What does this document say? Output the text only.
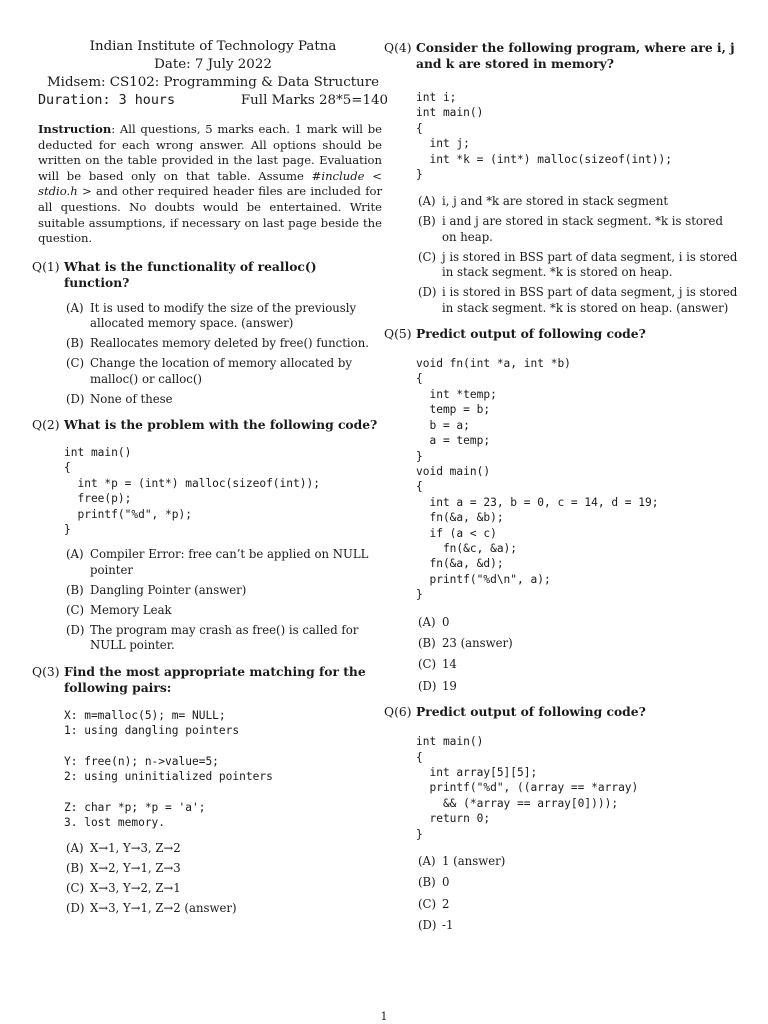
Indian Institute of Technology Patna
Date: 7 July 2022
Midsem: CS102: Programming & Data Structure
Duration: 3 hours	Full Marks 28*5=140
Instruction: All questions, 5 marks each. 1 mark will be deducted for each wrong answer. All options should be written on the table provided in the last page. Evaluation will be based only on that table. Assume #include < stdio.h > and other required header files are included for all questions. No doubts would be entertained. Write suitable assumptions, if necessary on last page beside the question.
Q(1) What is the functionality of realloc() function?
(A) It is used to modify the size of the previously allocated memory space. (answer)
(B) Reallocates memory deleted by free() function.
(C) Change the location of memory allocated by malloc() or calloc()
(D) None of these
Q(2) What is the problem with the following code?
int main()
{
int *p = (int*) malloc(sizeof(int));
free(p);
printf("%d", *p);
}
(A) Compiler Error: free can’t be applied on NULL pointer
(B) Dangling Pointer (answer)
(C) Memory Leak
(D) The program may crash as free() is called for NULL pointer.
Q(3) Find the most appropriate matching for the following pairs:
X: m=malloc(5); m= NULL;
1: using dangling pointers

Y: free(n); n->value=5;
2: using uninitialized pointers

Z: char *p; *p = 'a';
3. lost memory.
(A) X→1, Y→3, Z→2
(B) X→2, Y→1, Z→3
(C) X→3, Y→2, Z→1
(D) X→3, Y→1, Z→2 (answer)
Q(4) Consider the following program, where are i, j and k are stored in memory?
int i;
int main()
{
int j;
int *k = (int*) malloc(sizeof(int));
}
(A) i, j and *k are stored in stack segment
(B) i and j are stored in stack segment. *k is stored on heap.
(C) j is stored in BSS part of data segment, i is stored in stack segment. *k is stored on heap.
(D) i is stored in BSS part of data segment, j is stored in stack segment. *k is stored on heap. (answer)
Q(5) Predict output of following code?
void fn(int *a, int *b)
{
int *temp;
temp = b;
b = a;
a = temp;
}
void main()
{
int a = 23, b = 0, c = 14, d = 19;
fn(&a, &b);
if (a < c)
fn(&c, &a);
fn(&a, &d);
printf("%d\n", a);
}
(A) 0
(B) 23 (answer)
(C) 14
(D) 19
Q(6) Predict output of following code?
int main()
{
int array[5][5];
printf("%d", ((array == *array)
&& (*array == array[0])));
return 0;
}
(A) 1 (answer)
(B) 0
(C) 2
(D) -1
1
